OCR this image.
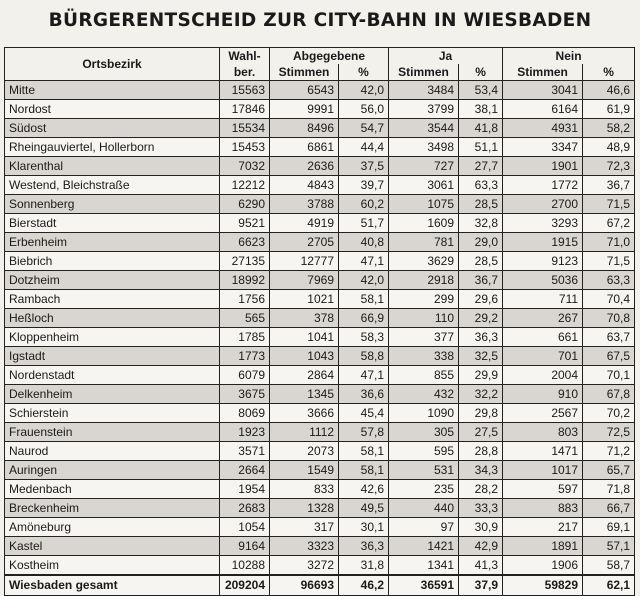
BÜRGERENTSCHEID ZUR CITY-BAHN IN WIESBADEN
Ortsbezirk	Wahl-	Abgegebene		Ja		Nein	
	ber.	Stimmen	%	Stimmen	%	Stimmen	%
Mitte	15563	6543	42,0	3484	53,4	3041	46,6
Nordost	17846	9991	56,0	3799	38,1	6164	61,9
Südost	15534	8496	54,7	3544	41,8	4931	58,2
Rheingauviertel, Hollerborn	15453	6861	44,4	3498	51,1	3347	48,9
Klarenthal	7032	2636	37,5	727	27,7	1901	72,3
Westend, Bleichstraße	12212	4843	39,7	3061	63,3	1772	36,7
Sonnenberg	6290	3788	60,2	1075	28,5	2700	71,5
Bierstadt	9521	4919	51,7	1609	32,8	3293	67,2
Erbenheim	6623	2705	40,8	781	29,0	1915	71,0
Biebrich	27135	12777	47,1	3629	28,5	9123	71,5
Dotzheim	18992	7969	42,0	2918	36,7	5036	63,3
Rambach	1756	1021	58,1	299	29,6	711	70,4
Heßloch	565	378	66,9	110	29,2	267	70,8
Kloppenheim	1785	1041	58,3	377	36,3	661	63,7
Igstadt	1773	1043	58,8	338	32,5	701	67,5
Nordenstadt	6079	2864	47,1	855	29,9	2004	70,1
Delkenheim	3675	1345	36,6	432	32,2	910	67,8
Schierstein	8069	3666	45,4	1090	29,8	2567	70,2
Frauenstein	1923	1112	57,8	305	27,5	803	72,5
Naurod	3571	2073	58,1	595	28,8	1471	71,2
Auringen	2664	1549	58,1	531	34,3	1017	65,7
Medenbach	1954	833	42,6	235	28,2	597	71,8
Breckenheim	2683	1328	49,5	440	33,3	883	66,7
Amöneburg	1054	317	30,1	97	30,9	217	69,1
Kastel	9164	3323	36,3	1421	42,9	1891	57,1
Kostheim	10288	3272	31,8	1341	41,3	1906	58,7
Wiesbaden gesamt	209204	96693	46,2	36591	37,9	59829	62,1
